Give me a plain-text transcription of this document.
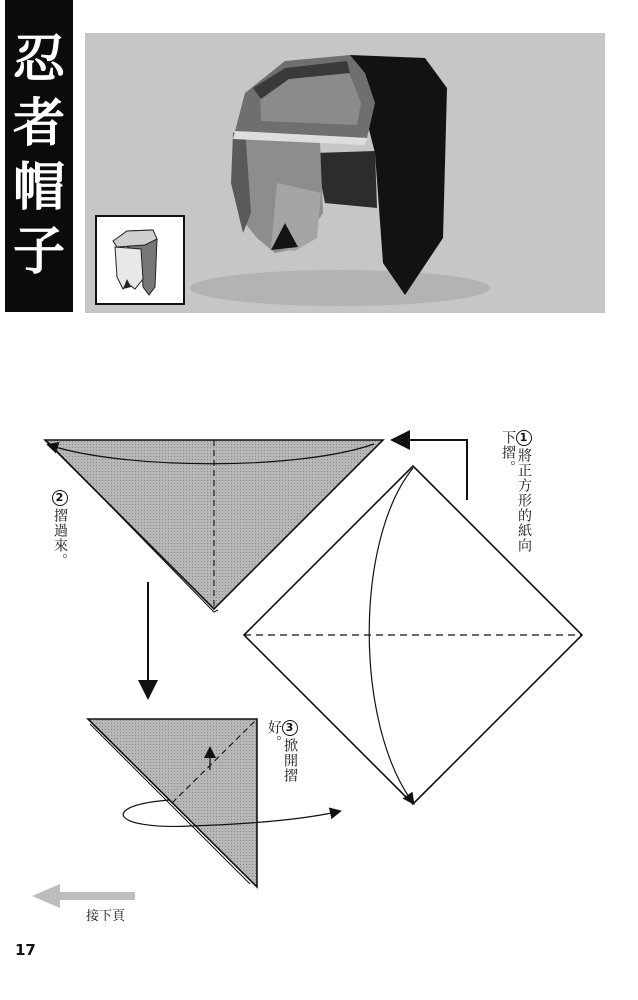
忍
者
帽
子
1將正方形的紙向下摺。
2摺過來。
3掀開摺好。
接下頁
17
